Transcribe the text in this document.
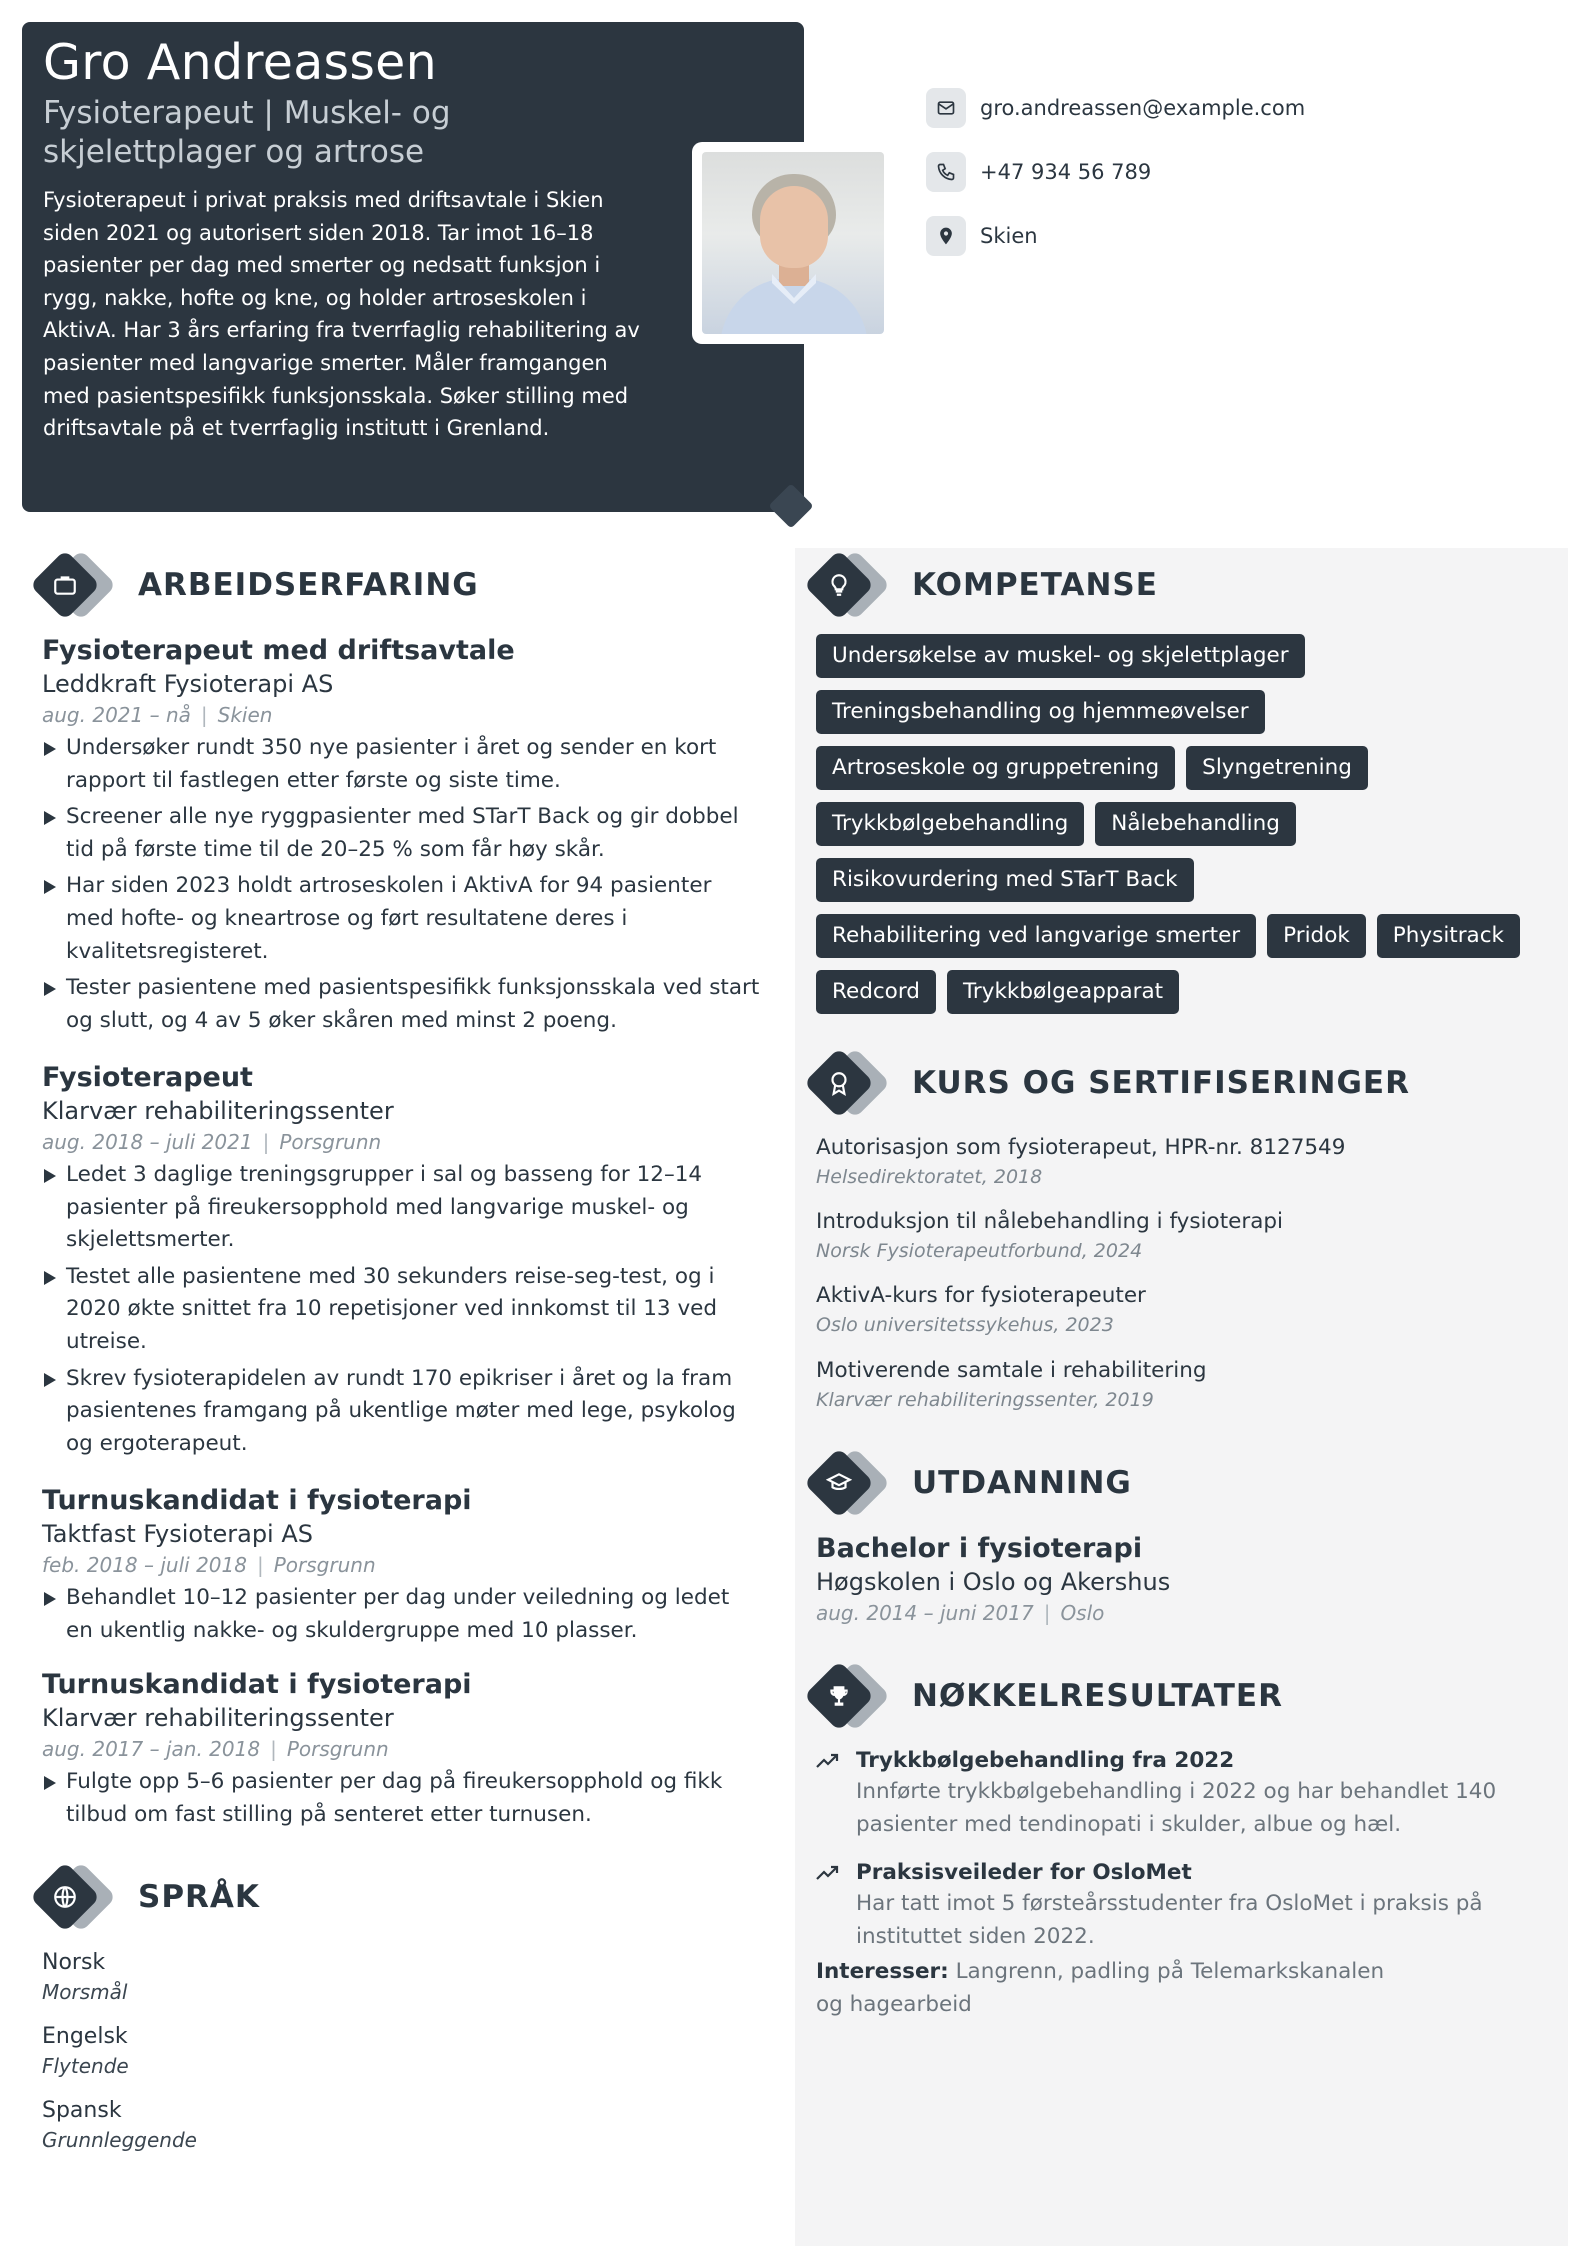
Gro Andreassen
Fysioterapeut | Muskel- og skjelettplager og artrose
Fysioterapeut i privat praksis med driftsavtale i Skien siden 2021 og autorisert siden 2018. Tar imot 16–18 pasienter per dag med smerter og nedsatt funksjon i rygg, nakke, hofte og kne, og holder artroseskolen i AktivA. Har 3 års erfaring fra tverrfaglig rehabilitering av pasienter med langvarige smerter. Måler framgangen med pasientspesifikk funksjonsskala. Søker stilling med driftsavtale på et tverrfaglig institutt i Grenland.
gro.andreassen@example.com
+47 934 56 789
Skien
ARBEIDSERFARING
Fysioterapeut med driftsavtale
Leddkraft Fysioterapi AS
aug. 2021 – nå | Skien
Undersøker rundt 350 nye pasienter i året og sender en kort rapport til fastlegen etter første og siste time.
Screener alle nye ryggpasienter med STarT Back og gir dobbel tid på første time til de 20–25 % som får høy skår.
Har siden 2023 holdt artroseskolen i AktivA for 94 pasienter med hofte- og kneartrose og ført resultatene deres i kvalitetsregisteret.
Tester pasientene med pasientspesifikk funksjonsskala ved start og slutt, og 4 av 5 øker skåren med minst 2 poeng.
Fysioterapeut
Klarvær rehabiliteringssenter
aug. 2018 – juli 2021 | Porsgrunn
Ledet 3 daglige treningsgrupper i sal og basseng for 12–14 pasienter på fireukersopphold med langvarige muskel- og skjelettsmerter.
Testet alle pasientene med 30 sekunders reise-seg-test, og i 2020 økte snittet fra 10 repetisjoner ved innkomst til 13 ved utreise.
Skrev fysioterapidelen av rundt 170 epikriser i året og la fram pasientenes framgang på ukentlige møter med lege, psykolog og ergoterapeut.
Turnuskandidat i fysioterapi
Taktfast Fysioterapi AS
feb. 2018 – juli 2018 | Porsgrunn
Behandlet 10–12 pasienter per dag under veiledning og ledet en ukentlig nakke- og skuldergruppe med 10 plasser.
Turnuskandidat i fysioterapi
Klarvær rehabiliteringssenter
aug. 2017 – jan. 2018 | Porsgrunn
Fulgte opp 5–6 pasienter per dag på fireukersopphold og fikk tilbud om fast stilling på senteret etter turnusen.
SPRÅK
Norsk
Morsmål
Engelsk
Flytende
Spansk
Grunnleggende
KOMPETANSE
Undersøkelse av muskel- og skjelettplager
Treningsbehandling og hjemmeøvelser
Artroseskole og gruppetrening	Slyngetrening
Trykkbølgebehandling	Nålebehandling
Risikovurdering med STarT Back
Rehabilitering ved langvarige smerter	Pridok	Physitrack
Redcord	Trykkbølgeapparat
KURS OG SERTIFISERINGER
Autorisasjon som fysioterapeut, HPR-nr. 8127549
Helsedirektoratet, 2018
Introduksjon til nålebehandling i fysioterapi
Norsk Fysioterapeutforbund, 2024
AktivA-kurs for fysioterapeuter
Oslo universitetssykehus, 2023
Motiverende samtale i rehabilitering
Klarvær rehabiliteringssenter, 2019
UTDANNING
Bachelor i fysioterapi
Høgskolen i Oslo og Akershus
aug. 2014 – juni 2017 | Oslo
NØKKELRESULTATER
Trykkbølgebehandling fra 2022
Innførte trykkbølgebehandling i 2022 og har behandlet 140 pasienter med tendinopati i skulder, albue og hæl.
Praksisveileder for OsloMet
Har tatt imot 5 førsteårsstudenter fra OsloMet i praksis på instituttet siden 2022.
Interesser: Langrenn, padling på Telemarkskanalen og hagearbeid
